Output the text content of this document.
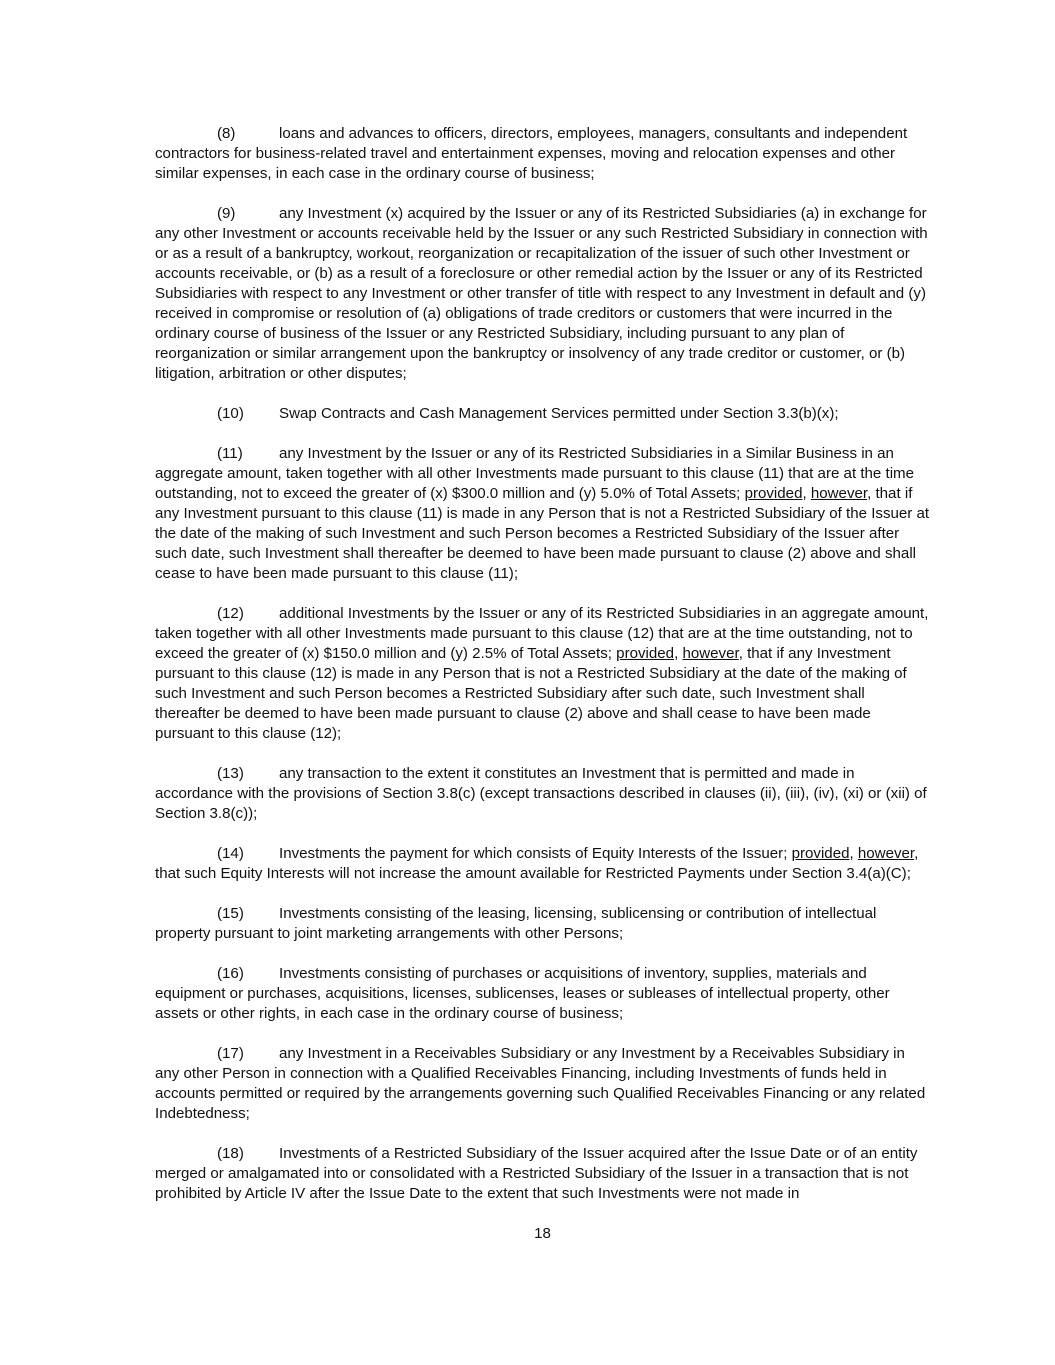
(8)	loans and advances to officers, directors, employees, managers, consultants and independent contractors for business-related travel and entertainment expenses, moving and relocation expenses and other similar expenses, in each case in the ordinary course of business;

(9)	any Investment (x) acquired by the Issuer or any of its Restricted Subsidiaries (a) in exchange for any other Investment or accounts receivable held by the Issuer or any such Restricted Subsidiary in connection with or as a result of a bankruptcy, workout, reorganization or recapitalization of the issuer of such other Investment or accounts receivable, or (b) as a result of a foreclosure or other remedial action by the Issuer or any of its Restricted Subsidiaries with respect to any Investment or other transfer of title with respect to any Investment in default and (y) received in compromise or resolution of (a) obligations of trade creditors or customers that were incurred in the ordinary course of business of the Issuer or any Restricted Subsidiary, including pursuant to any plan of reorganization or similar arrangement upon the bankruptcy or insolvency of any trade creditor or customer, or (b) litigation, arbitration or other disputes;

(10) Swap Contracts and Cash Management Services permitted under Section 3.3(b)(x);

(11) any Investment by the Issuer or any of its Restricted Subsidiaries in a Similar Business in an aggregate amount, taken together with all other Investments made pursuant to this clause (11) that are at the time outstanding, not to exceed the greater of (x) $300.0 million and (y) 5.0% of Total Assets; provided, however, that if any Investment pursuant to this clause (11) is made in any Person that is not a Restricted Subsidiary of the Issuer at the date of the making of such Investment and such Person becomes a Restricted Subsidiary of the Issuer after such date, such Investment shall thereafter be deemed to have been made pursuant to clause (2) above and shall cease to have been made pursuant to this clause (11);

(12) additional Investments by the Issuer or any of its Restricted Subsidiaries in an aggregate amount, taken together with all other Investments made pursuant to this clause (12) that are at the time outstanding, not to exceed the greater of (x) $150.0 million and (y) 2.5% of Total Assets; provided, however, that if any Investment pursuant to this clause (12) is made in any Person that is not a Restricted Subsidiary at the date of the making of such Investment and such Person becomes a Restricted Subsidiary after such date, such Investment shall thereafter be deemed to have been made pursuant to clause (2) above and shall cease to have been made pursuant to this clause (12);

(13) any transaction to the extent it constitutes an Investment that is permitted and made in accordance with the provisions of Section 3.8(c) (except transactions described in clauses (ii), (iii), (iv), (xi) or (xii) of Section 3.8(c));

(14) Investments the payment for which consists of Equity Interests of the Issuer; provided, however, that such Equity Interests will not increase the amount available for Restricted Payments under Section 3.4(a)(C);

(15) Investments consisting of the leasing, licensing, sublicensing or contribution of intellectual property pursuant to joint marketing arrangements with other Persons;

(16) Investments consisting of purchases or acquisitions of inventory, supplies, materials and equipment or purchases, acquisitions, licenses, sublicenses, leases or subleases of intellectual property, other assets or other rights, in each case in the ordinary course of business;

(17) any Investment in a Receivables Subsidiary or any Investment by a Receivables Subsidiary in any other Person in connection with a Qualified Receivables Financing, including Investments of funds held in accounts permitted or required by the arrangements governing such Qualified Receivables Financing or any related Indebtedness;

(18) Investments of a Restricted Subsidiary of the Issuer acquired after the Issue Date or of an entity merged or amalgamated into or consolidated with a Restricted Subsidiary of the Issuer in a transaction that is not prohibited by Article IV after the Issue Date to the extent that such Investments were not made in

18
